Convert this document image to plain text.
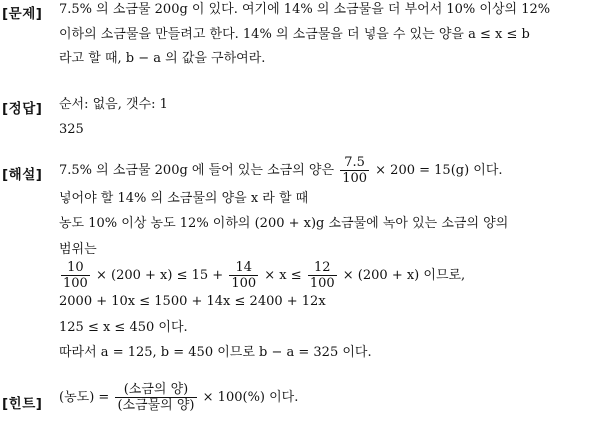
[문제] 7.5% 의 소금물 200g 이 있다. 여기에 14% 의 소금물을 더 부어서 10% 이상의 12%
이하의 소금물을 만들려고 한다. 14% 의 소금물을 더 넣을 수 있는 양을 a ≤ x ≤ b
라고 할 때, b − a 의 값을 구하여라.
[정답] 순서: 없음, 갯수: 1
325
[해설] 7.5% 의 소금물 200g 에 들어 있는 소금의 양은 $\frac{7.5}{100} \times 200 = 15(g)$ 이다.
넣어야 할 14% 의 소금물의 양을 x 라 할 때
농도 10% 이상 농도 12% 이하의 (200 + x)g 소금물에 녹아 있는 소금의 양의
범위는
$\frac{10}{100} \times (200 + x) \le 15 + \frac{14}{100} \times x \le \frac{12}{100} \times (200 + x)$ 이므로,
2000 + 10x ≤ 1500 + 14x ≤ 2400 + 12x
125 ≤ x ≤ 450 이다.
따라서 a = 125, b = 450 이므로 b − a = 325 이다.
[힌트] (농도) = $\frac{\text{(소금의 양)}}{\text{(소금물의 양)}} \times 100(\%)$ 이다.
